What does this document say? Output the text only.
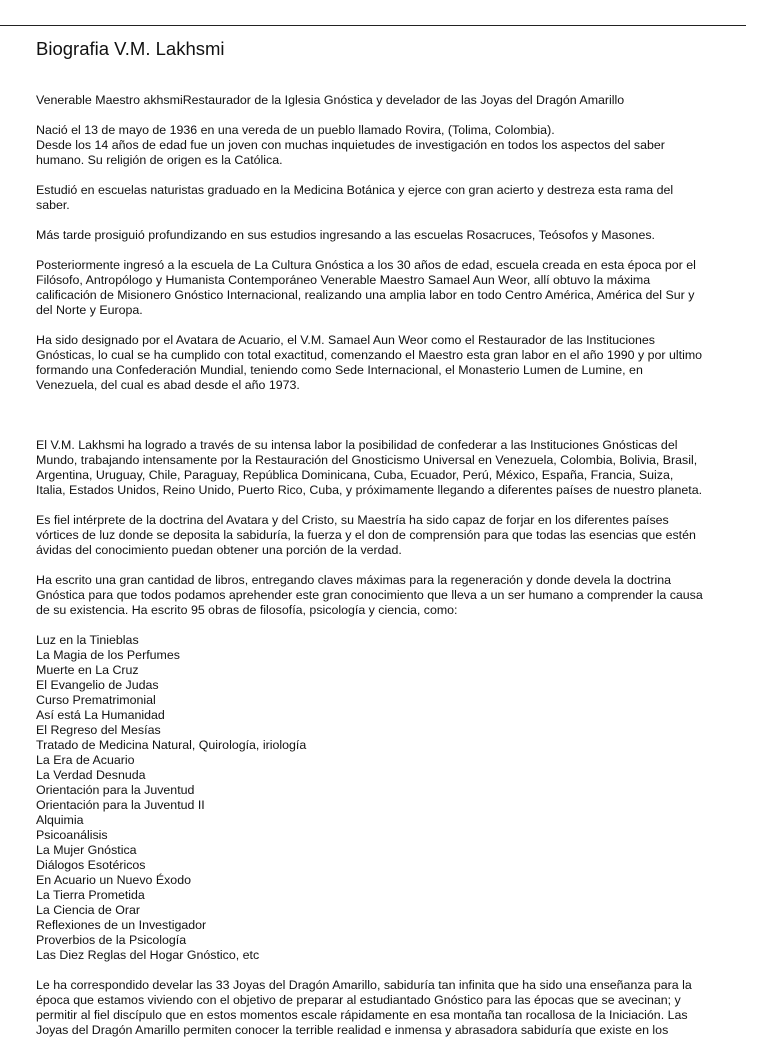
Biografia V.M. Lakhsmi

Venerable Maestro akhsmiRestaurador de la Iglesia Gnóstica y develador de las Joyas del Dragón Amarillo

Nació el 13 de mayo de 1936 en una vereda de un pueblo llamado Rovira, (Tolima, Colombia).
Desde los 14 años de edad fue un joven con muchas inquietudes de investigación en todos los aspectos del saber
humano. Su religión de origen es la Católica.

Estudió en escuelas naturistas graduado en la Medicina Botánica y ejerce con gran acierto y destreza esta rama del
saber.

Más tarde prosiguió profundizando en sus estudios ingresando a las escuelas Rosacruces, Teósofos y Masones.

Posteriormente ingresó a la escuela de La Cultura Gnóstica a los 30 años de edad, escuela creada en esta época por el
Filósofo, Antropólogo y Humanista Contemporáneo Venerable Maestro Samael Aun Weor, allí obtuvo la máxima
calificación de Misionero Gnóstico Internacional, realizando una amplia labor en todo Centro América, América del Sur y
del Norte y Europa.

Ha sido designado por el Avatara de Acuario, el V.M. Samael Aun Weor como el Restaurador de las Instituciones
Gnósticas, lo cual se ha cumplido con total exactitud, comenzando el Maestro esta gran labor en el año 1990 y por ultimo
formando una Confederación Mundial, teniendo como Sede Internacional, el Monasterio Lumen de Lumine, en
Venezuela, del cual es abad desde el año 1973.

El V.M. Lakhsmi ha logrado a través de su intensa labor la posibilidad de confederar a las Instituciones Gnósticas del
Mundo, trabajando intensamente por la Restauración del Gnosticismo Universal en Venezuela, Colombia, Bolivia, Brasil,
Argentina, Uruguay, Chile, Paraguay, República Dominicana, Cuba, Ecuador, Perú, México, España, Francia, Suiza,
Italia, Estados Unidos, Reino Unido, Puerto Rico, Cuba, y próximamente llegando a diferentes países de nuestro planeta.

Es fiel intérprete de la doctrina del Avatara y del Cristo, su Maestría ha sido capaz de forjar en los diferentes países
vórtices de luz donde se deposita la sabiduría, la fuerza y el don de comprensión para que todas las esencias que estén
ávidas del conocimiento puedan obtener una porción de la verdad.

Ha escrito una gran cantidad de libros, entregando claves máximas para la regeneración y donde devela la doctrina
Gnóstica para que todos podamos aprehender este gran conocimiento que lleva a un ser humano a comprender la causa
de su existencia. Ha escrito 95 obras de filosofía, psicología y ciencia, como:

Luz en la Tinieblas
La Magia de los Perfumes
Muerte en La Cruz
El Evangelio de Judas
Curso Prematrimonial
Así está La Humanidad
El Regreso del Mesías
Tratado de Medicina Natural, Quirología, iriología
La Era de Acuario
La Verdad Desnuda
Orientación para la Juventud
Orientación para la Juventud II
Alquimia
Psicoanálisis
La Mujer Gnóstica
Diálogos Esotéricos
En Acuario un Nuevo Éxodo
La Tierra Prometida
La Ciencia de Orar
Reflexiones de un Investigador
Proverbios de la Psicología
Las Diez Reglas del Hogar Gnóstico, etc

Le ha correspondido develar las 33 Joyas del Dragón Amarillo, sabiduría tan infinita que ha sido una enseñanza para la
época que estamos viviendo con el objetivo de preparar al estudiantado Gnóstico para las épocas que se avecinan; y
permitir al fiel discípulo que en estos momentos escale rápidamente en esa montaña tan rocallosa de la Iniciación. Las
Joyas del Dragón Amarillo permiten conocer la terrible realidad e inmensa y abrasadora sabiduría que existe en los
